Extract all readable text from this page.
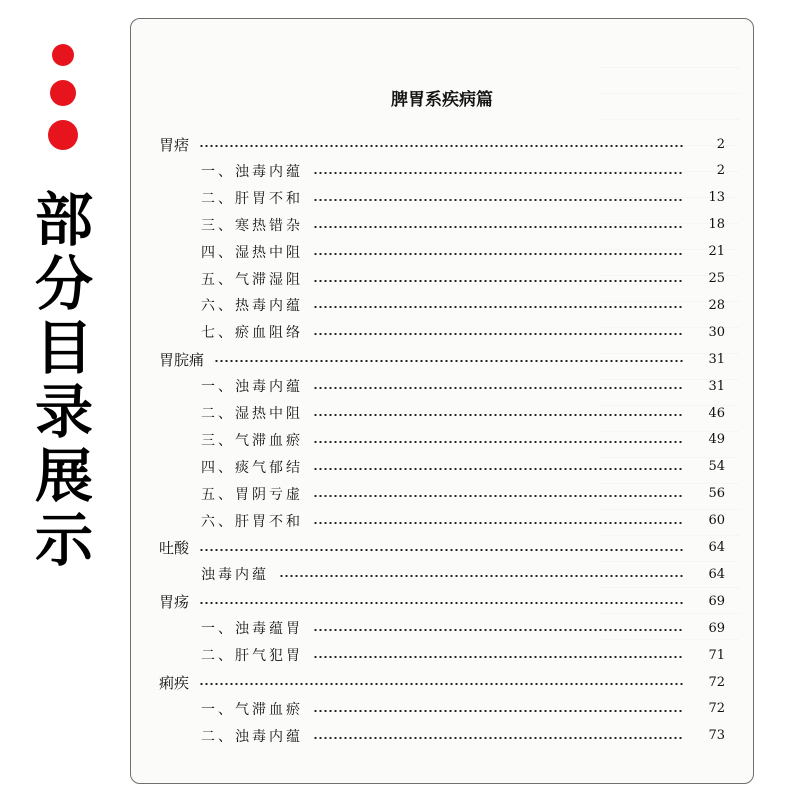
部
分
目
录
展
示
脾胃系疾病篇
胃痞	2
一、浊毒内蕴	2
二、肝胃不和	13
三、寒热错杂	18
四、湿热中阻	21
五、气滞湿阻	25
六、热毒内蕴	28
七、瘀血阻络	30
胃脘痛	31
一、浊毒内蕴	31
二、湿热中阻	46
三、气滞血瘀	49
四、痰气郁结	54
五、胃阴亏虚	56
六、肝胃不和	60
吐酸	64
浊毒内蕴	64
胃疡	69
一、浊毒蕴胃	69
二、肝气犯胃	71
痢疾	72
一、气滞血瘀	72
二、浊毒内蕴	73
